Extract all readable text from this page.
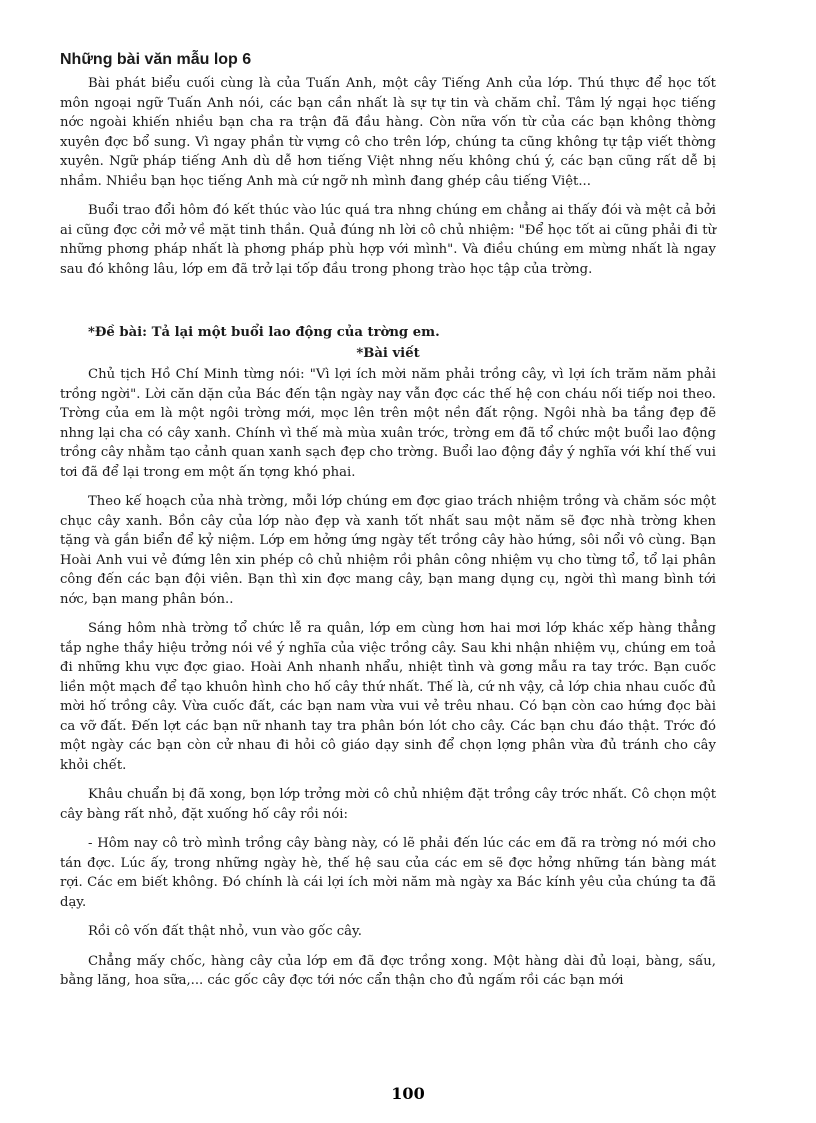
Những bài văn mẫu lop 6

Bài phát biểu cuối cùng là của Tuấn Anh, một cây Tiếng Anh của lớp. Thú thực để học tốt môn ngoại ngữ Tuấn Anh nói, các bạn cần nhất là sự tự tin và chăm chỉ. Tâm lý ngại học tiếng nớc ngoài khiến nhiều bạn cha ra trận đã đầu hàng. Còn nữa vốn từ của các bạn không thờng xuyên đợc bổ sung. Vì ngay phần từ vựng cô cho trên lớp, chúng ta cũng không tự tập viết thờng xuyên. Ngữ pháp tiếng Anh dù dễ hơn tiếng Việt nhng nếu không chú ý, các bạn cũng rất dễ bị nhầm. Nhiều bạn học tiếng Anh mà cứ ngỡ nh mình đang ghép câu tiếng Việt...

Buổi trao đổi hôm đó kết thúc vào lúc quá tra nhng chúng em chẳng ai thấy đói và mệt cả bởi ai cũng đợc cởi mở về mặt tinh thần. Quả đúng nh lời cô chủ nhiệm: "Để học tốt ai cũng phải đi từ những phơng pháp nhất là phơng pháp phù hợp với mình". Và điều chúng em mừng nhất là ngay sau đó không lâu, lớp em đã trở lại tốp đầu trong phong trào học tập của trờng.

*Đề bài: Tả lại một buổi lao động của trờng em.
*Bài viết

Chủ tịch Hồ Chí Minh từng nói: "Vì lợi ích mời năm phải trồng cây, vì lợi ích trăm năm phải trồng ngời". Lời căn dặn của Bác đến tận ngày nay vẫn đợc các thế hệ con cháu nối tiếp noi theo. Trờng của em là một ngôi trờng mới, mọc lên trên một nền đất rộng. Ngôi nhà ba tầng đẹp đẽ nhng lại cha có cây xanh. Chính vì thế mà mùa xuân trớc, trờng em đã tổ chức một buổi lao động trồng cây nhằm tạo cảnh quan xanh sạch đẹp cho trờng. Buổi lao động đầy ý nghĩa với khí thế vui tơi đã để lại trong em một ấn tợng khó phai.

Theo kế hoạch của nhà trờng, mỗi lớp chúng em đợc giao trách nhiệm trồng và chăm sóc một chục cây xanh. Bồn cây của lớp nào đẹp và xanh tốt nhất sau một năm sẽ đợc nhà trờng khen tặng và gắn biển để kỷ niệm. Lớp em hởng ứng ngày tết trồng cây hào hứng, sôi nổi vô cùng. Bạn Hoài Anh vui vẻ đứng lên xin phép cô chủ nhiệm rồi phân công nhiệm vụ cho từng tổ, tổ lại phân công đến các bạn đội viên. Bạn thì xin đợc mang cây, bạn mang dụng cụ, ngời thì mang bình tới nớc, bạn mang phân bón..

Sáng hôm nhà trờng tổ chức lễ ra quân, lớp em cùng hơn hai mơi lớp khác xếp hàng thẳng tắp nghe thầy hiệu trởng nói về ý nghĩa của việc trồng cây. Sau khi nhận nhiệm vụ, chúng em toả đi những khu vực đợc giao. Hoài Anh nhanh nhẩu, nhiệt tình và gơng mẫu ra tay trớc. Bạn cuốc liền một mạch để tạo khuôn hình cho hố cây thứ nhất. Thế là, cứ nh vậy, cả lớp chia nhau cuốc đủ mời hố trồng cây. Vừa cuốc đất, các bạn nam vừa vui vẻ trêu nhau. Có bạn còn cao hứng đọc bài ca vỡ đất. Đến lợt các bạn nữ nhanh tay tra phân bón lót cho cây. Các bạn chu đáo thật. Trớc đó một ngày các bạn còn cử nhau đi hỏi cô giáo dạy sinh để chọn lợng phân vừa đủ tránh cho cây khỏi chết.

Khâu chuẩn bị đã xong, bọn lớp trởng mời cô chủ nhiệm đặt trồng cây trớc nhất. Cô chọn một cây bàng rất nhỏ, đặt xuống hố cây rồi nói:

- Hôm nay cô trò mình trồng cây bàng này, có lẽ phải đến lúc các em đã ra trờng nó mới cho tán đợc. Lúc ấy, trong những ngày hè, thế hệ sau của các em sẽ đợc hởng những tán bàng mát rợi. Các em biết không. Đó chính là cái lợi ích mời năm mà ngày xa Bác kính yêu của chúng ta đã dạy.

Rồi cô vốn đất thật nhỏ, vun vào gốc cây.

Chẳng mấy chốc, hàng cây của lớp em đã đợc trồng xong. Một hàng dài đủ loại, bàng, sấu, bằng lăng, hoa sữa,... các gốc cây đợc tới nớc cẩn thận cho đủ ngấm rồi các bạn mới

100
